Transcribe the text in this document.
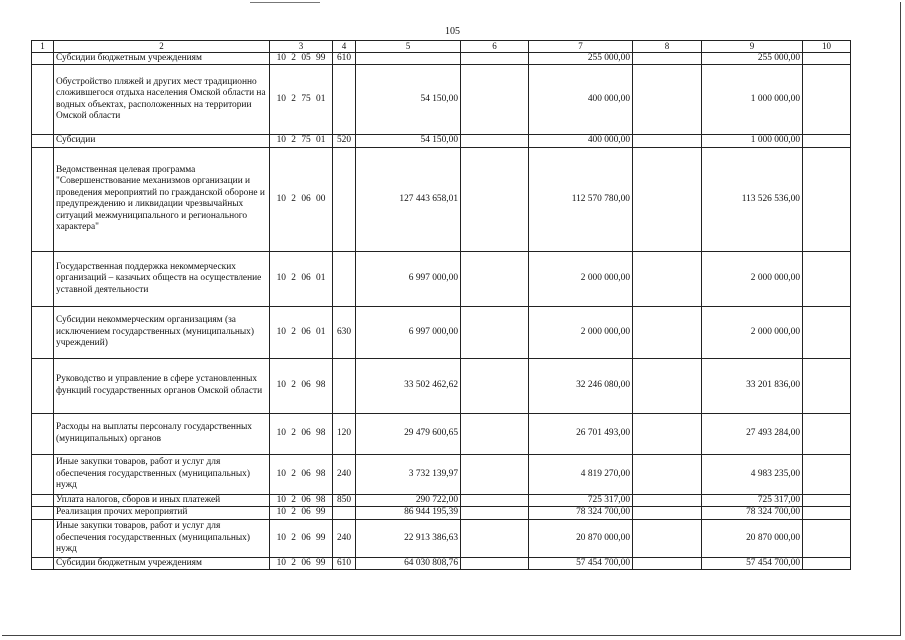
105
1	2	3	4	5	6	7	8	9	10
	Субсидии бюджетным учреждениям	10 2 05 99	610			255 000,00		255 000,00	
	Обустройство пляжей и других мест традиционно сложившегося отдыха населения Омской области на водных объектах, расположенных на территории Омской области	10 2 75 01		54 150,00		400 000,00		1 000 000,00	
	Субсидии	10 2 75 01	520	54 150,00		400 000,00		1 000 000,00	
	Ведомственная целевая программа "Совершенствование механизмов организации и проведения мероприятий по гражданской обороне и предупреждению и ликвидации чрезвычайных ситуаций межмуниципального и регионального характера"	10 2 06 00		127 443 658,01		112 570 780,00		113 526 536,00	
	Государственная поддержка некоммерческих организаций – казачьих обществ на осуществление уставной деятельности	10 2 06 01		6 997 000,00		2 000 000,00		2 000 000,00	
	Субсидии некоммерческим организациям (за исключением государственных (муниципальных) учреждений)	10 2 06 01	630	6 997 000,00		2 000 000,00		2 000 000,00	
	Руководство и управление в сфере установленных функций государственных органов Омской области	10 2 06 98		33 502 462,62		32 246 080,00		33 201 836,00	
	Расходы на выплаты персоналу государственных (муниципальных) органов	10 2 06 98	120	29 479 600,65		26 701 493,00		27 493 284,00	
	Иные закупки товаров, работ и услуг для обеспечения государственных (муниципальных) нужд	10 2 06 98	240	3 732 139,97		4 819 270,00		4 983 235,00	
	Уплата налогов, сборов и иных платежей	10 2 06 98	850	290 722,00		725 317,00		725 317,00	
	Реализация прочих мероприятий	10 2 06 99		86 944 195,39		78 324 700,00		78 324 700,00	
	Иные закупки товаров, работ и услуг для обеспечения государственных (муниципальных) нужд	10 2 06 99	240	22 913 386,63		20 870 000,00		20 870 000,00	
	Субсидии бюджетным учреждениям	10 2 06 99	610	64 030 808,76		57 454 700,00		57 454 700,00	
